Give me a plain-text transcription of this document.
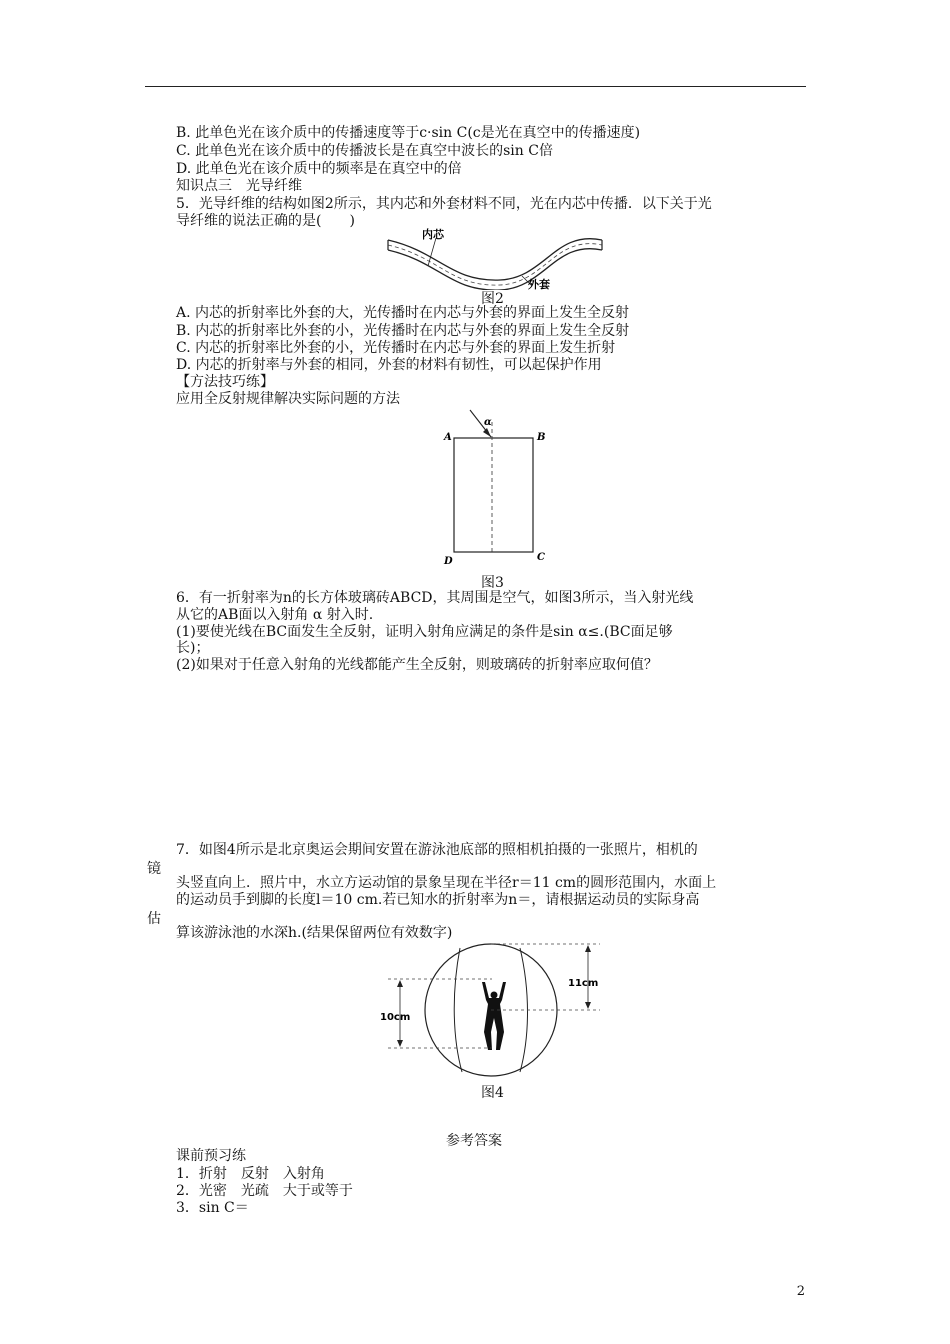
B. 此单色光在该介质中的传播速度等于c·sin C(c是光在真空中的传播速度)
C. 此单色光在该介质中的传播波长是在真空中波长的sin C倍
D. 此单色光在该介质中的频率是在真空中的倍
知识点三　光导纤维
5．光导纤维的结构如图2所示，其内芯和外套材料不同，光在内芯中传播．以下关于光
导纤维的说法正确的是(　　)
内芯
外套
图2
A. 内芯的折射率比外套的大，光传播时在内芯与外套的界面上发生全反射
B. 内芯的折射率比外套的小，光传播时在内芯与外套的界面上发生全反射
C. 内芯的折射率比外套的小，光传播时在内芯与外套的界面上发生折射
D. 内芯的折射率与外套的相同，外套的材料有韧性，可以起保护作用
【方法技巧练】
应用全反射规律解决实际问题的方法
α
A	B
C
D
图3
6．有一折射率为n的长方体玻璃砖ABCD，其周围是空气，如图3所示，当入射光线
从它的AB面以入射角 α 射入时.
(1)要使光线在BC面发生全反射，证明入射角应满足的条件是sin α≤.(BC面足够
长)；
(2)如果对于任意入射角的光线都能产生全反射，则玻璃砖的折射率应取何值？
7．如图4所示是北京奥运会期间安置在游泳池底部的照相机拍摄的一张照片，相机的
镜
头竖直向上．照片中，水立方运动馆的景象呈现在半径r＝11 cm的圆形范围内，水面上
的运动员手到脚的长度l＝10 cm.若已知水的折射率为n＝，请根据运动员的实际身高
估
算该游泳池的水深h.(结果保留两位有效数字)
10cm
11cm
图4
参考答案
课前预习练
1．折射　反射　入射角
2．光密　光疏　大于或等于
3．sin C＝
2
